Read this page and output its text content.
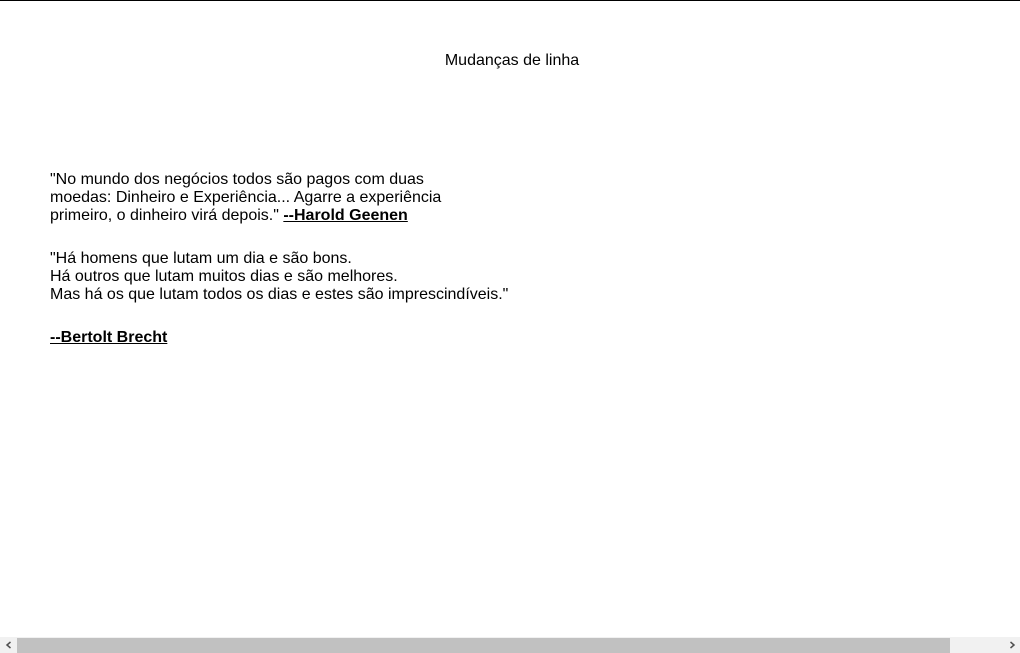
Mudanças de linha
"No mundo dos negócios todos são pagos com duas
moedas: Dinheiro e Experiência... Agarre a experiência
primeiro, o dinheiro virá depois." --Harold Geenen
"Há homens que lutam um dia e são bons.
Há outros que lutam muitos dias e são melhores.
Mas há os que lutam todos os dias e estes são imprescindíveis."
--Bertolt Brecht
